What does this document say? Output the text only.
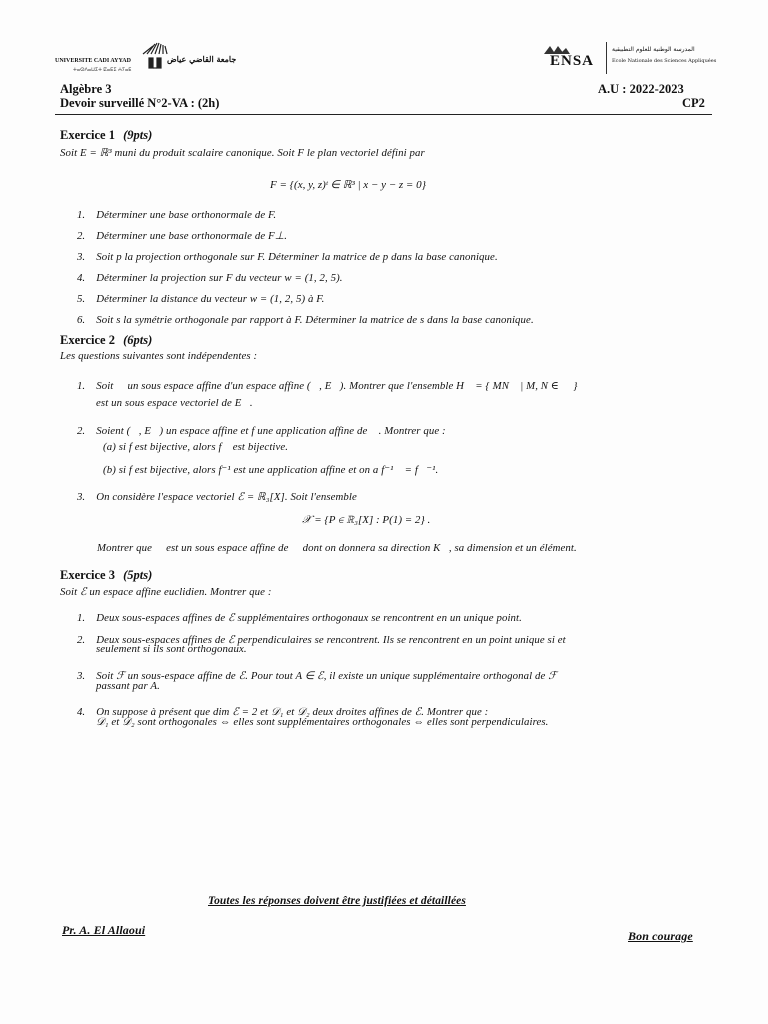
UNIVERSITE CADI AYYAD	جامعة القاضي عياض
ⵜⴰⵙⴷⴰⵡⵉⵜ ⵇⴰⴹⵉ ⵄⵢⴰⴹ
ENSA
المدرسة الوطنية للعلوم التطبيقية
Ecole Nationale des Sciences Appliquées
Algèbre 3
Devoir surveillé N°2-VA : (2h)
A.U : 2022-2023
CP2
Exercice 1 (9pts)
Soit E = ℝ³ muni du produit scalaire canonique. Soit F le plan vectoriel défini par
F = {(x, y, z)ᵗ ∈ ℝ³ | x − y − z = 0}
1. Déterminer une base orthonormale de F.
2. Déterminer une base orthonormale de F⊥.
3. Soit p la projection orthogonale sur F. Déterminer la matrice de p dans la base canonique.
4. Déterminer la projection sur F du vecteur w = (1, 2, 5).
5. Déterminer la distance du vecteur w = (1, 2, 5) à F.
6. Soit s la symétrie orthogonale par rapport à F. Déterminer la matrice de s dans la base canonique.
Exercice 2 (6pts)
Les questions suivantes sont indépendentes :
1. Soit ℋ un sous espace affine d'un espace affine (ℰ, E⃗). Montrer que l'ensemble H⃗ = { MN⃗ | M, N ∈ ℋ }
est un sous espace vectoriel de E⃗.
2. Soient (ℰ, E⃗) un espace affine et f une application affine de ℰ. Montrer que :
(a) si f est bijective, alors f⃗ est bijective.
(b) si f est bijective, alors f⁻¹ est une application affine et on a f⁻¹⃗ = f⃗⁻¹.
3. On considère l'espace vectoriel ℰ = ℝ₃[X]. Soit l'ensemble
𝒳 = {P ∈ ℝ₃[X] : P(1) = 2} .
Montrer que 𝒳 est un sous espace affine de ℰ dont on donnera sa direction K⃗, sa dimension et un élément.
Exercice 3 (5pts)
Soit ℰ un espace affine euclidien. Montrer que :
1. Deux sous-espaces affines de ℰ supplémentaires orthogonaux se rencontrent en un unique point.
2. Deux sous-espaces affines de ℰ perpendiculaires se rencontrent. Ils se rencontrent en un point unique si et
seulement si ils sont orthogonaux.
3. Soit ℱ un sous-espace affine de ℰ. Pour tout A ∈ ℰ, il existe un unique supplémentaire orthogonal de ℱ
passant par A.
4. On suppose à présent que dim ℰ = 2 et 𝒟₁ et 𝒟₂ deux droites affines de ℰ. Montrer que :
𝒟₁ et 𝒟₂ sont orthogonales ⇔ elles sont supplémentaires orthogonales ⇔ elles sont perpendiculaires.
Toutes les réponses doivent être justifiées et détaillées
Pr. A. El Allaoui	Bon courage
